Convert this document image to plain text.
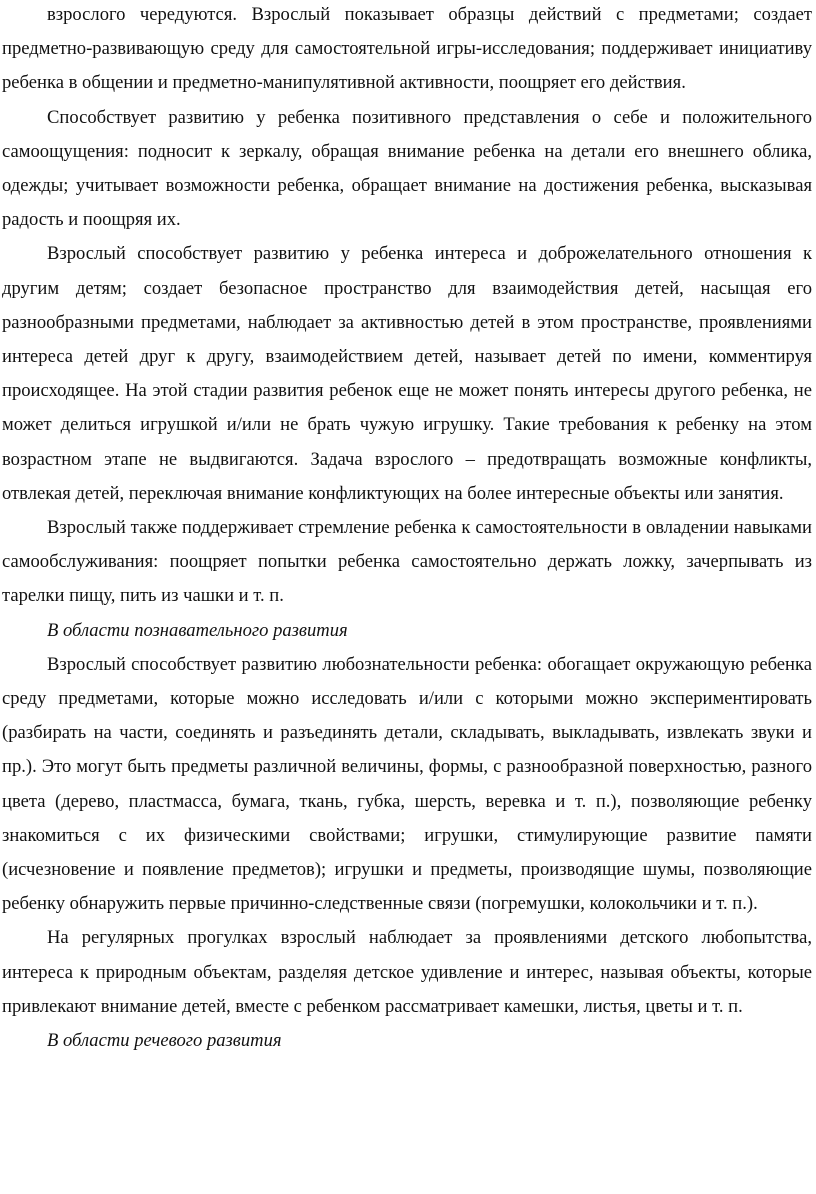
взрослого чередуются. Взрослый показывает образцы действий с предметами; создает предметно-развивающую среду для самостоятельной игры-исследования; поддерживает инициативу ребенка в общении и предметно-манипулятивной активности, поощряет его действия.

Способствует развитию у ребенка позитивного представления о себе и положительного самоощущения: подносит к зеркалу, обращая внимание ребенка на детали его внешнего облика, одежды; учитывает возможности ребенка, обращает внимание на достижения ребенка, высказывая радость и поощряя их.

Взрослый способствует развитию у ребенка интереса и доброжелательного отношения к другим детям; создает безопасное пространство для взаимодействия детей, насыщая его разнообразными предметами, наблюдает за активностью детей в этом пространстве, проявлениями интереса детей друг к другу, взаимодействием детей, называет детей по имени, комментируя происходящее. На этой стадии развития ребенок еще не может понять интересы другого ребенка, не может делиться игрушкой и/или не брать чужую игрушку. Такие требования к ребенку на этом возрастном этапе не выдвигаются. Задача взрослого – предотвращать возможные конфликты, отвлекая детей, переключая внимание конфликтующих на более интересные объекты или занятия.

Взрослый также поддерживает стремление ребенка к самостоятельности в овладении навыками самообслуживания: поощряет попытки ребенка самостоятельно держать ложку, зачерпывать из тарелки пищу, пить из чашки и т. п.

В области познавательного развития

Взрослый способствует развитию любознательности ребенка: обогащает окружающую ребенка среду предметами, которые можно исследовать и/или с которыми можно экспериментировать (разбирать на части, соединять и разъединять детали, складывать, выкладывать, извлекать звуки и пр.). Это могут быть предметы различной величины, формы, с разнообразной поверхностью, разного цвета (дерево, пластмасса, бумага, ткань, губка, шерсть, веревка и т. п.), позволяющие ребенку знакомиться с их физическими свойствами; игрушки, стимулирующие развитие памяти (исчезновение и появление предметов); игрушки и предметы, производящие шумы, позволяющие ребенку обнаружить первые причинно-следственные связи (погремушки, колокольчики и т. п.).

На регулярных прогулках взрослый наблюдает за проявлениями детского любопытства, интереса к природным объектам, разделяя детское удивление и интерес, называя объекты, которые привлекают внимание детей, вместе с ребенком рассматривает камешки, листья, цветы и т. п.

В области речевого развития
